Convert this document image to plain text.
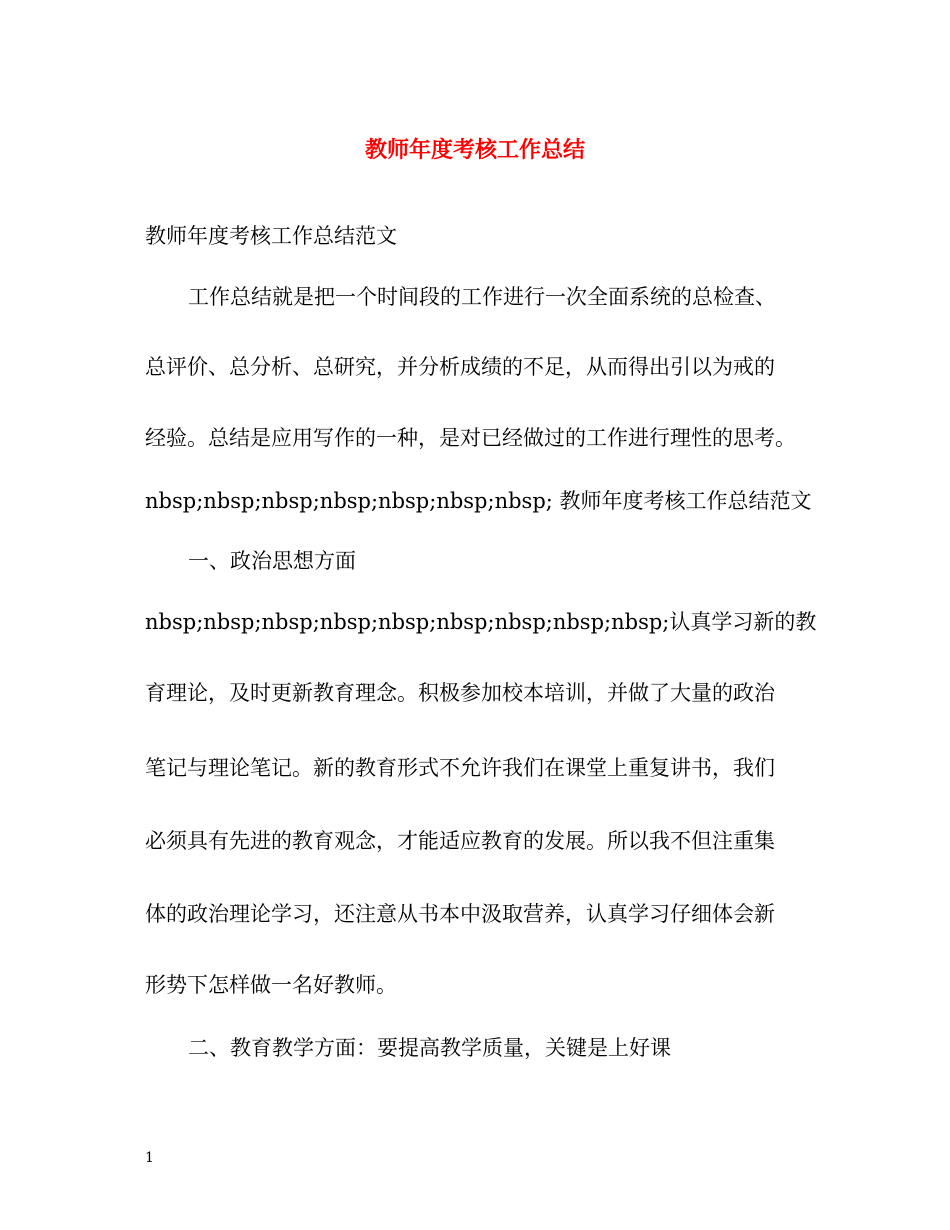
教师年度考核工作总结
教师年度考核工作总结范文
工作总结就是把一个时间段的工作进行一次全面系统的总检查、
总评价、总分析、总研究，并分析成绩的不足，从而得出引以为戒的
经验。总结是应用写作的一种，是对已经做过的工作进行理性的思考。
nbsp;nbsp;nbsp;nbsp;nbsp;nbsp;nbsp; 教师年度考核工作总结范文
一、政治思想方面
nbsp;nbsp;nbsp;nbsp;nbsp;nbsp;nbsp;nbsp;nbsp;认真学习新的教
育理论，及时更新教育理念。积极参加校本培训，并做了大量的政治
笔记与理论笔记。新的教育形式不允许我们在课堂上重复讲书，我们
必须具有先进的教育观念，才能适应教育的发展。所以我不但注重集
体的政治理论学习，还注意从书本中汲取营养，认真学习仔细体会新
形势下怎样做一名好教师。
二、教育教学方面：要提高教学质量，关键是上好课
1
